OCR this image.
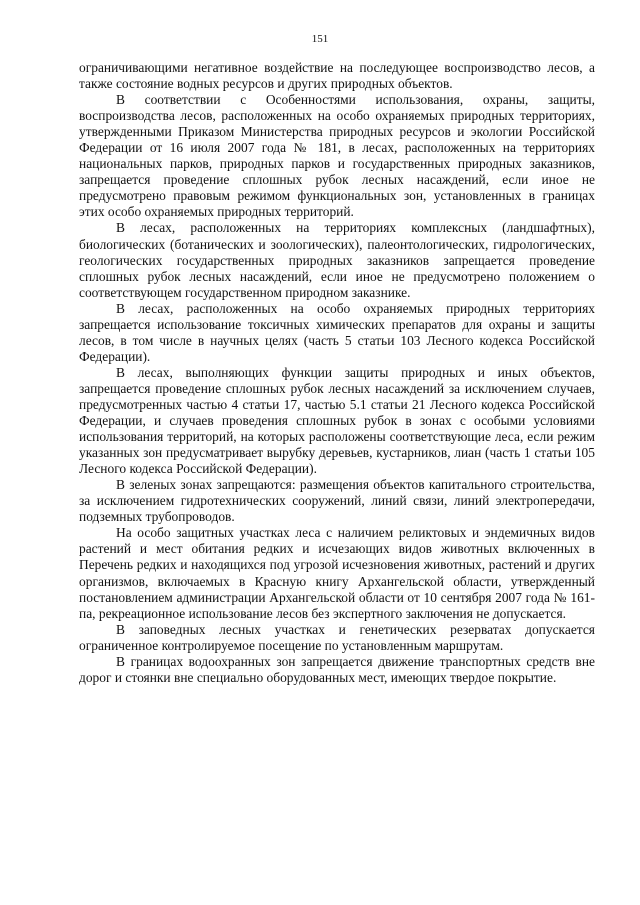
151

ограничивающими негативное воздействие на последующее воспроизводство лесов, а также состояние водных ресурсов и других природных объектов.

В соответствии с Особенностями использования, охраны, защиты, воспроизводства лесов, расположенных на особо охраняемых природных территориях, утвержденными Приказом Министерства природных ресурсов и экологии Российской Федерации от 16 июля 2007 года № 181, в лесах, расположенных на территориях национальных парков, природных парков и государственных природных заказников, запрещается проведение сплошных рубок лесных насаждений, если иное не предусмотрено правовым режимом функциональных зон, установленных в границах этих особо охраняемых природных территорий.

В лесах, расположенных на территориях комплексных (ландшафтных), биологических (ботанических и зоологических), палеонтологических, гидрологических, геологических государственных природных заказников запрещается проведение сплошных рубок лесных насаждений, если иное не предусмотрено положением о соответствующем государственном природном заказнике.

В лесах, расположенных на особо охраняемых природных территориях запрещается использование токсичных химических препаратов для охраны и защиты лесов, в том числе в научных целях (часть 5 статьи 103 Лесного кодекса Российской Федерации).

В лесах, выполняющих функции защиты природных и иных объектов, запрещается проведение сплошных рубок лесных насаждений за исключением случаев, предусмотренных частью 4 статьи 17, частью 5.1 статьи 21 Лесного кодекса Российской Федерации, и случаев проведения сплошных рубок в зонах с особыми условиями использования территорий, на которых расположены соответствующие леса, если режим указанных зон предусматривает вырубку деревьев, кустарников, лиан (часть 1 статьи 105 Лесного кодекса Российской Федерации).

В зеленых зонах запрещаются: размещения объектов капитального строительства, за исключением гидротехнических сооружений, линий связи, линий электропередачи, подземных трубопроводов.

На особо защитных участках леса с наличием реликтовых и эндемичных видов растений и мест обитания редких и исчезающих видов животных включенных в Перечень редких и находящихся под угрозой исчезновения животных, растений и других организмов, включаемых в Красную книгу Архангельской области, утвержденный постановлением администрации Архангельской области от 10 сентября 2007 года № 161-па, рекреационное использование лесов без экспертного заключения не допускается.

В заповедных лесных участках и генетических резерватах допускается ограниченное контролируемое посещение по установленным маршрутам.

В границах водоохранных зон запрещается движение транспортных средств вне дорог и стоянки вне специально оборудованных мест, имеющих твердое покрытие.
